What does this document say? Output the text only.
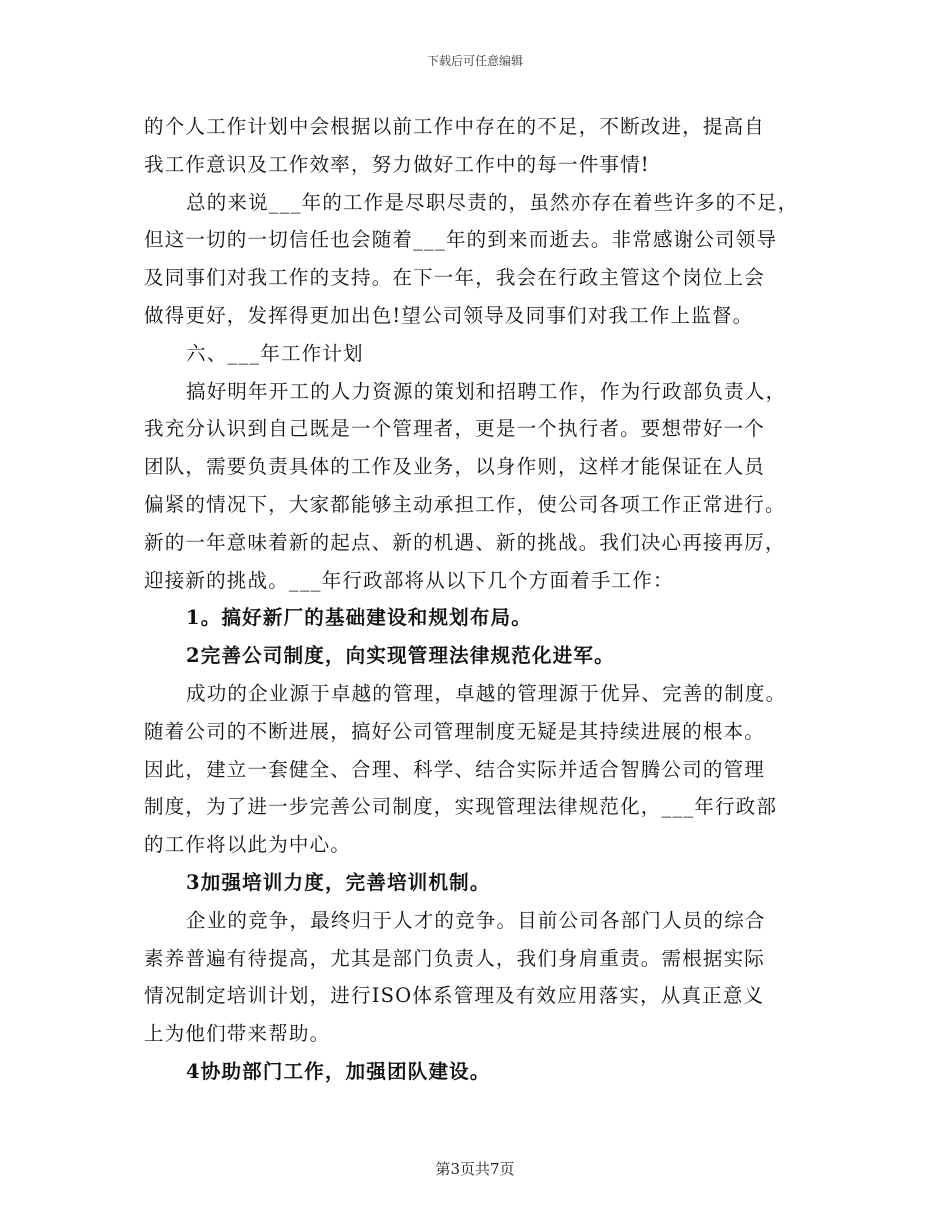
下载后可任意编辑
的个人工作计划中会根据以前工作中存在的不足，不断改进，提高自
我工作意识及工作效率，努力做好工作中的每一件事情!
总的来说___年的工作是尽职尽责的，虽然亦存在着些许多的不足，
但这一切的一切信任也会随着___年的到来而逝去。非常感谢公司领导
及同事们对我工作的支持。在下一年，我会在行政主管这个岗位上会
做得更好，发挥得更加出色!望公司领导及同事们对我工作上监督。
六、___年工作计划
搞好明年开工的人力资源的策划和招聘工作，作为行政部负责人，
我充分认识到自己既是一个管理者，更是一个执行者。要想带好一个
团队，需要负责具体的工作及业务，以身作则，这样才能保证在人员
偏紧的情况下，大家都能够主动承担工作，使公司各项工作正常进行。
新的一年意味着新的起点、新的机遇、新的挑战。我们决心再接再厉，
迎接新的挑战。___年行政部将从以下几个方面着手工作：
1。搞好新厂的基础建设和规划布局。
2完善公司制度，向实现管理法律规范化进军。
成功的企业源于卓越的管理，卓越的管理源于优异、完善的制度。
随着公司的不断进展，搞好公司管理制度无疑是其持续进展的根本。
因此，建立一套健全、合理、科学、结合实际并适合智腾公司的管理
制度，为了进一步完善公司制度，实现管理法律规范化，___年行政部
的工作将以此为中心。
3加强培训力度，完善培训机制。
企业的竞争，最终归于人才的竞争。目前公司各部门人员的综合
素养普遍有待提高，尤其是部门负责人，我们身肩重责。需根据实际
情况制定培训计划，进行ISO体系管理及有效应用落实，从真正意义
上为他们带来帮助。
4协助部门工作，加强团队建设。
第3页共7页
